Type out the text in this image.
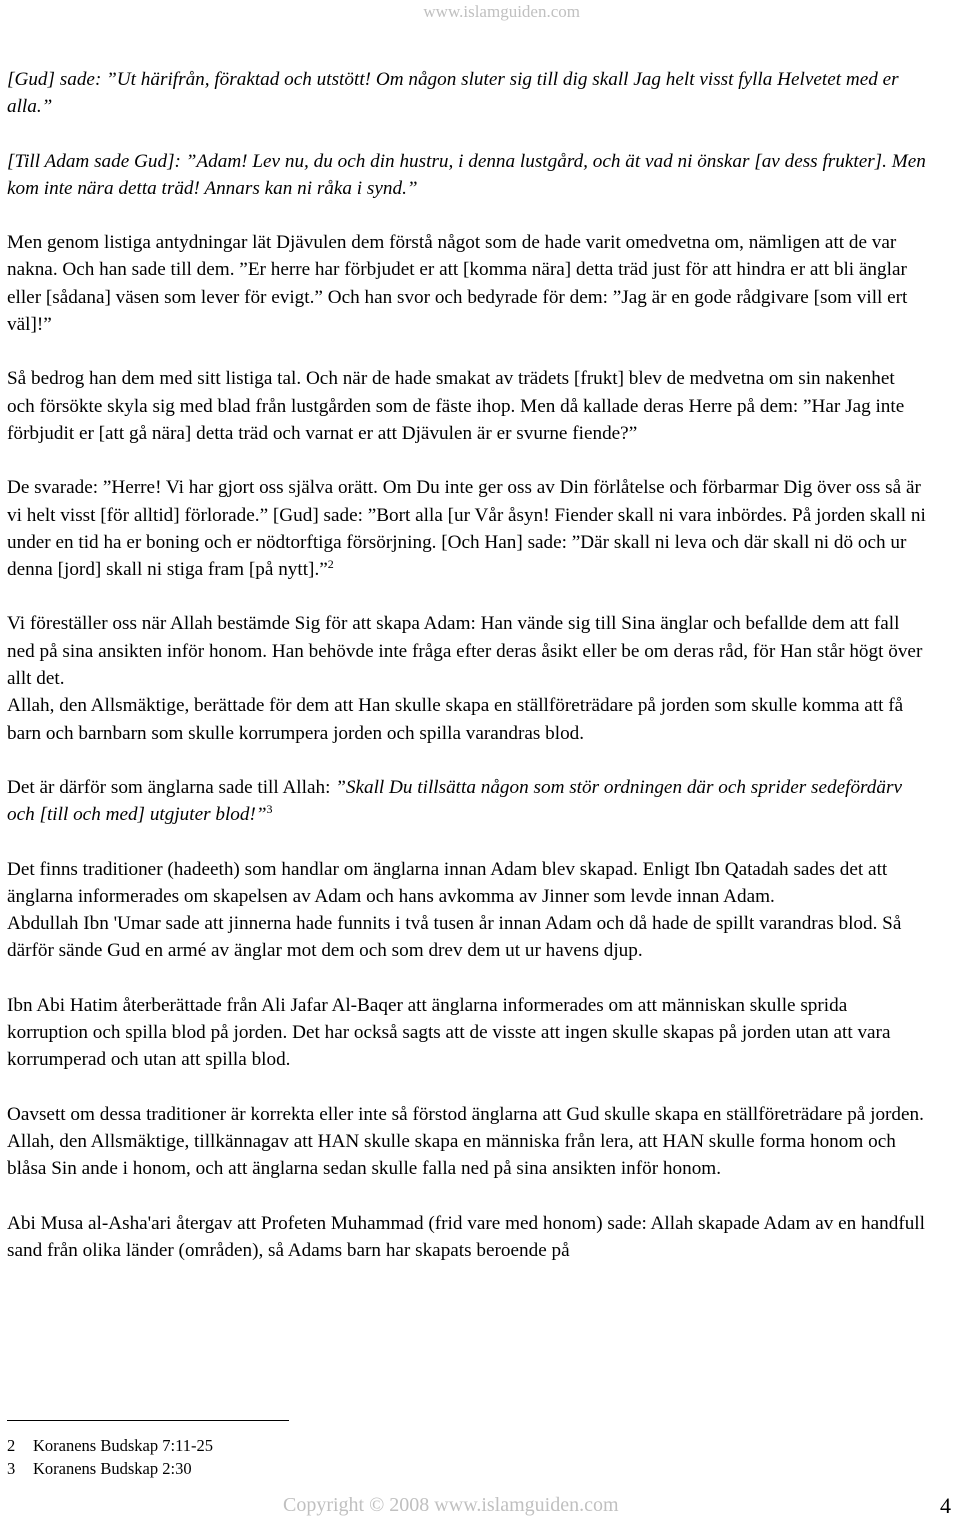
www.islamguiden.com

[Gud] sade: ”Ut härifrån, föraktad och utstött! Om någon sluter sig till dig skall Jag helt visst fylla Helvetet med er alla.”

[Till Adam sade Gud]: ”Adam! Lev nu, du och din hustru, i denna lustgård, och ät vad ni önskar [av dess frukter]. Men kom inte nära detta träd! Annars kan ni råka i synd.”

Men genom listiga antydningar lät Djävulen dem förstå något som de hade varit omedvetna om, nämligen att de var nakna. Och han sade till dem. ”Er herre har förbjudet er att [komma nära] detta träd just för att hindra er att bli änglar eller [sådana] väsen som lever för evigt.” Och han svor och bedyrade för dem: ”Jag är en gode rådgivare [som vill ert väl]!”

Så bedrog han dem med sitt listiga tal. Och när de hade smakat av trädets [frukt] blev de medvetna om sin nakenhet och försökte skyla sig med blad från lustgården som de fäste ihop. Men då kallade deras Herre på dem: ”Har Jag inte förbjudit er [att gå nära] detta träd och varnat er att Djävulen är er svurne fiende?”

De svarade: ”Herre! Vi har gjort oss själva orätt. Om Du inte ger oss av Din förlåtelse och förbarmar Dig över oss så är vi helt visst [för alltid] förlorade.” [Gud] sade: ”Bort alla [ur Vår åsyn! Fiender skall ni vara inbördes. På jorden skall ni under en tid ha er boning och er nödtorftiga försörjning. [Och Han] sade: ”Där skall ni leva och där skall ni dö och ur denna [jord] skall ni stiga fram [på nytt].”$^2$

Vi föreställer oss när Allah bestämde Sig för att skapa Adam: Han vände sig till Sina änglar och befallde dem att fall ned på sina ansikten inför honom. Han behövde inte fråga efter deras åsikt eller be om deras råd, för Han står högt över allt det.

Allah, den Allsmäktige, berättade för dem att Han skulle skapa en ställföreträdare på jorden som skulle komma att få barn och barnbarn som skulle korrumpera jorden och spilla varandras blod.

Det är därför som änglarna sade till Allah: ”Skall Du tillsätta någon som stör ordningen där och sprider sedefördärv och [till och med] utgjuter blod!”$^3$

Det finns traditioner (hadeeth) som handlar om änglarna innan Adam blev skapad. Enligt Ibn Qatadah sades det att änglarna informerades om skapelsen av Adam och hans avkomma av Jinner som levde innan Adam.

Abdullah Ibn 'Umar sade att jinnerna hade funnits i två tusen år innan Adam och då hade de spillt varandras blod. Så därför sände Gud en armé av änglar mot dem och som drev dem ut ur havens djup.

Ibn Abi Hatim återberättade från Ali Jafar Al-Baqer att änglarna informerades om att människan skulle sprida korruption och spilla blod på jorden. Det har också sagts att de visste att ingen skulle skapas på jorden utan att vara korrumperad och utan att spilla blod.

Oavsett om dessa traditioner är korrekta eller inte så förstod änglarna att Gud skulle skapa en ställföreträdare på jorden. Allah, den Allsmäktige, tillkännagav att HAN skulle skapa en människa från lera, att HAN skulle forma honom och blåsa Sin ande i honom, och att änglarna sedan skulle falla ned på sina ansikten inför honom.

Abi Musa al-Asha'ari återgav att Profeten Muhammad (frid vare med honom) sade: Allah skapade Adam av en handfull sand från olika länder (områden), så Adams barn har skapats beroende på

2 Koranens Budskap 7:11-25
3 Koranens Budskap 2:30
Copyright © 2008 www.islamguiden.com	4
